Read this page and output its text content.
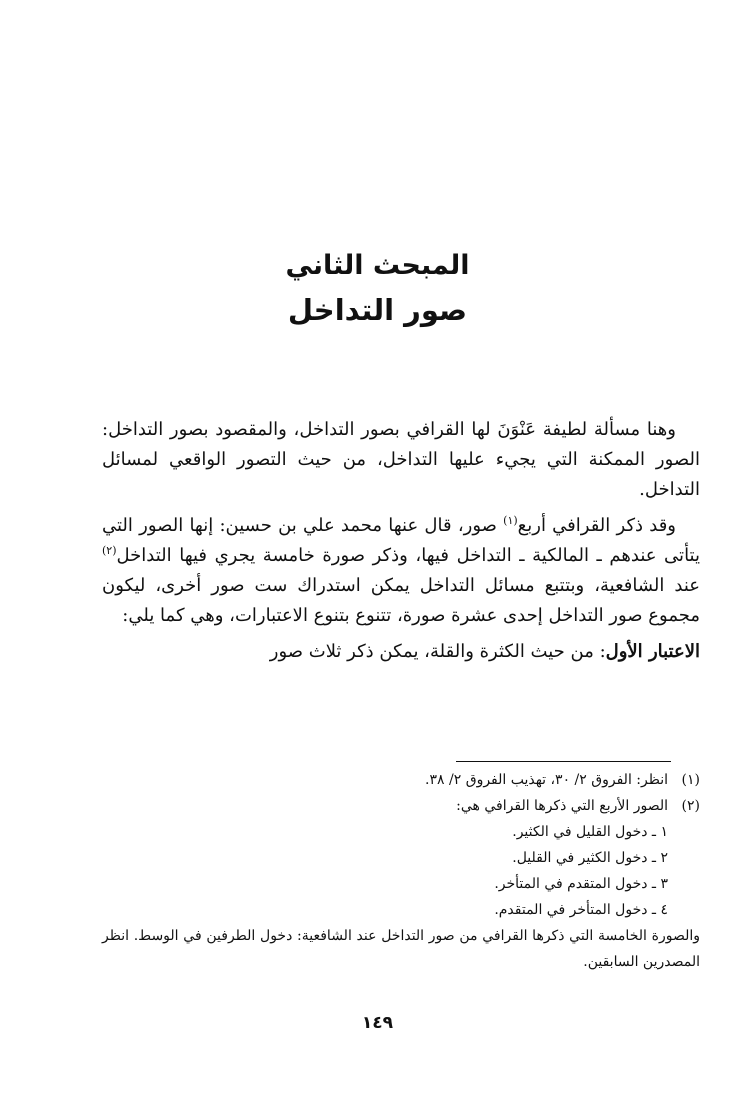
المبحث الثاني
صور التداخل

وهنا مسألة لطيفة عَنْوَنَ لها القرافي بصور التداخل، والمقصود بصور التداخل: الصور الممكنة التي يجيء عليها التداخل، من حيث التصور الواقعي لمسائل التداخل.

وقد ذكر القرافي أربع$^{(١)}$ صور، قال عنها محمد علي بن حسين: إنها الصور التي يتأتى عندهم ـ المالكية ـ التداخل فيها، وذكر صورة خامسة يجري فيها التداخل$^{(٢)}$ عند الشافعية، وبتتبع مسائل التداخل يمكن استدراك ست صور أخرى، ليكون مجموع صور التداخل إحدى عشرة صورة، تتنوع بتنوع الاعتبارات، وهي كما يلي:

الاعتبار الأول: من حيث الكثرة والقلة، يمكن ذكر ثلاث صور

(١)
انظر: الفروق ٢/ ٣٠، تهذيب الفروق ٢/ ٣٨.
(٢)
الصور الأربع التي ذكرها القرافي هي:
١ ـ دخول القليل في الكثير.
٢ ـ دخول الكثير في القليل.
٣ ـ دخول المتقدم في المتأخر.
٤ ـ دخول المتأخر في المتقدم.
والصورة الخامسة التي ذكرها القرافي من صور التداخل عند الشافعية: دخول الطرفين في الوسط. انظر المصدرين السابقين.
١٤٩
